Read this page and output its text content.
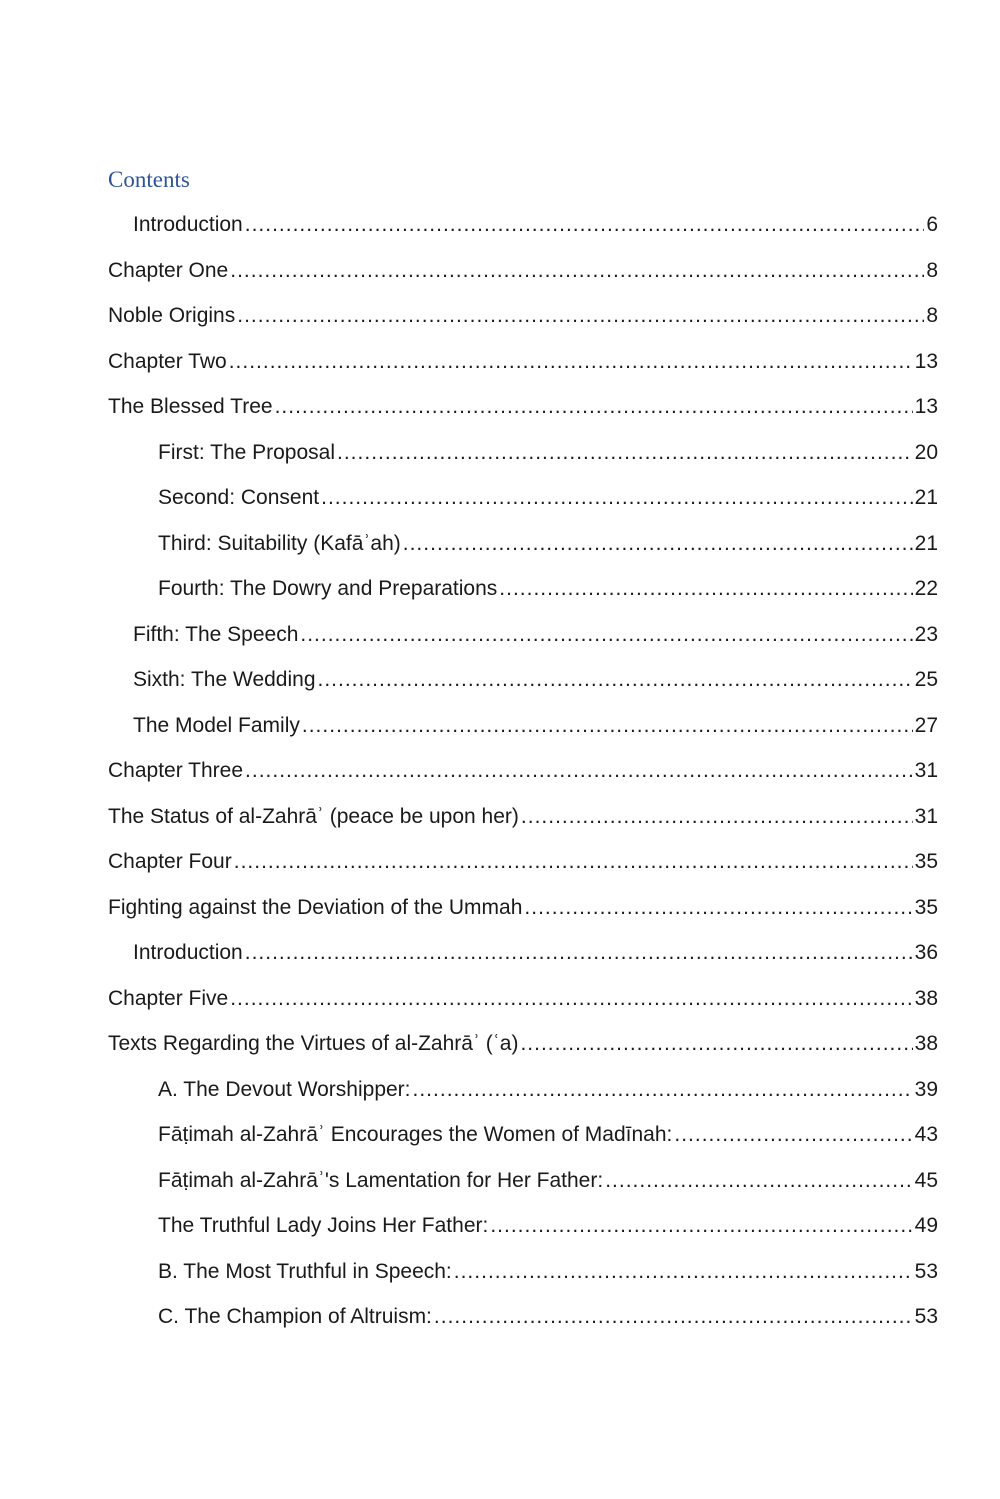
Contents
Introduction .....	6
Chapter One .....	8
Noble Origins .....	8
Chapter Two .....	13
The Blessed Tree .....	13
First: The Proposal .....	20
Second: Consent .....	21
Third: Suitability (Kafāʾah) .....	21
Fourth: The Dowry and Preparations .....	22
Fifth: The Speech .....	23
Sixth: The Wedding .....	25
The Model Family .....	27
Chapter Three .....	31
The Status of al-Zahrāʾ (peace be upon her) .....	31
Chapter Four .....	35
Fighting against the Deviation of the Ummah .....	35
Introduction .....	36
Chapter Five .....	38
Texts Regarding the Virtues of al-Zahrāʾ (ʿa) .....	38
A. The Devout Worshipper: .....	39
Fāṭimah al-Zahrāʾ Encourages the Women of Madīnah: .....	43
Fāṭimah al-Zahrāʾ's Lamentation for Her Father: .....	45
The Truthful Lady Joins Her Father: .....	49
B. The Most Truthful in Speech: .....	53
C. The Champion of Altruism: .....	53
